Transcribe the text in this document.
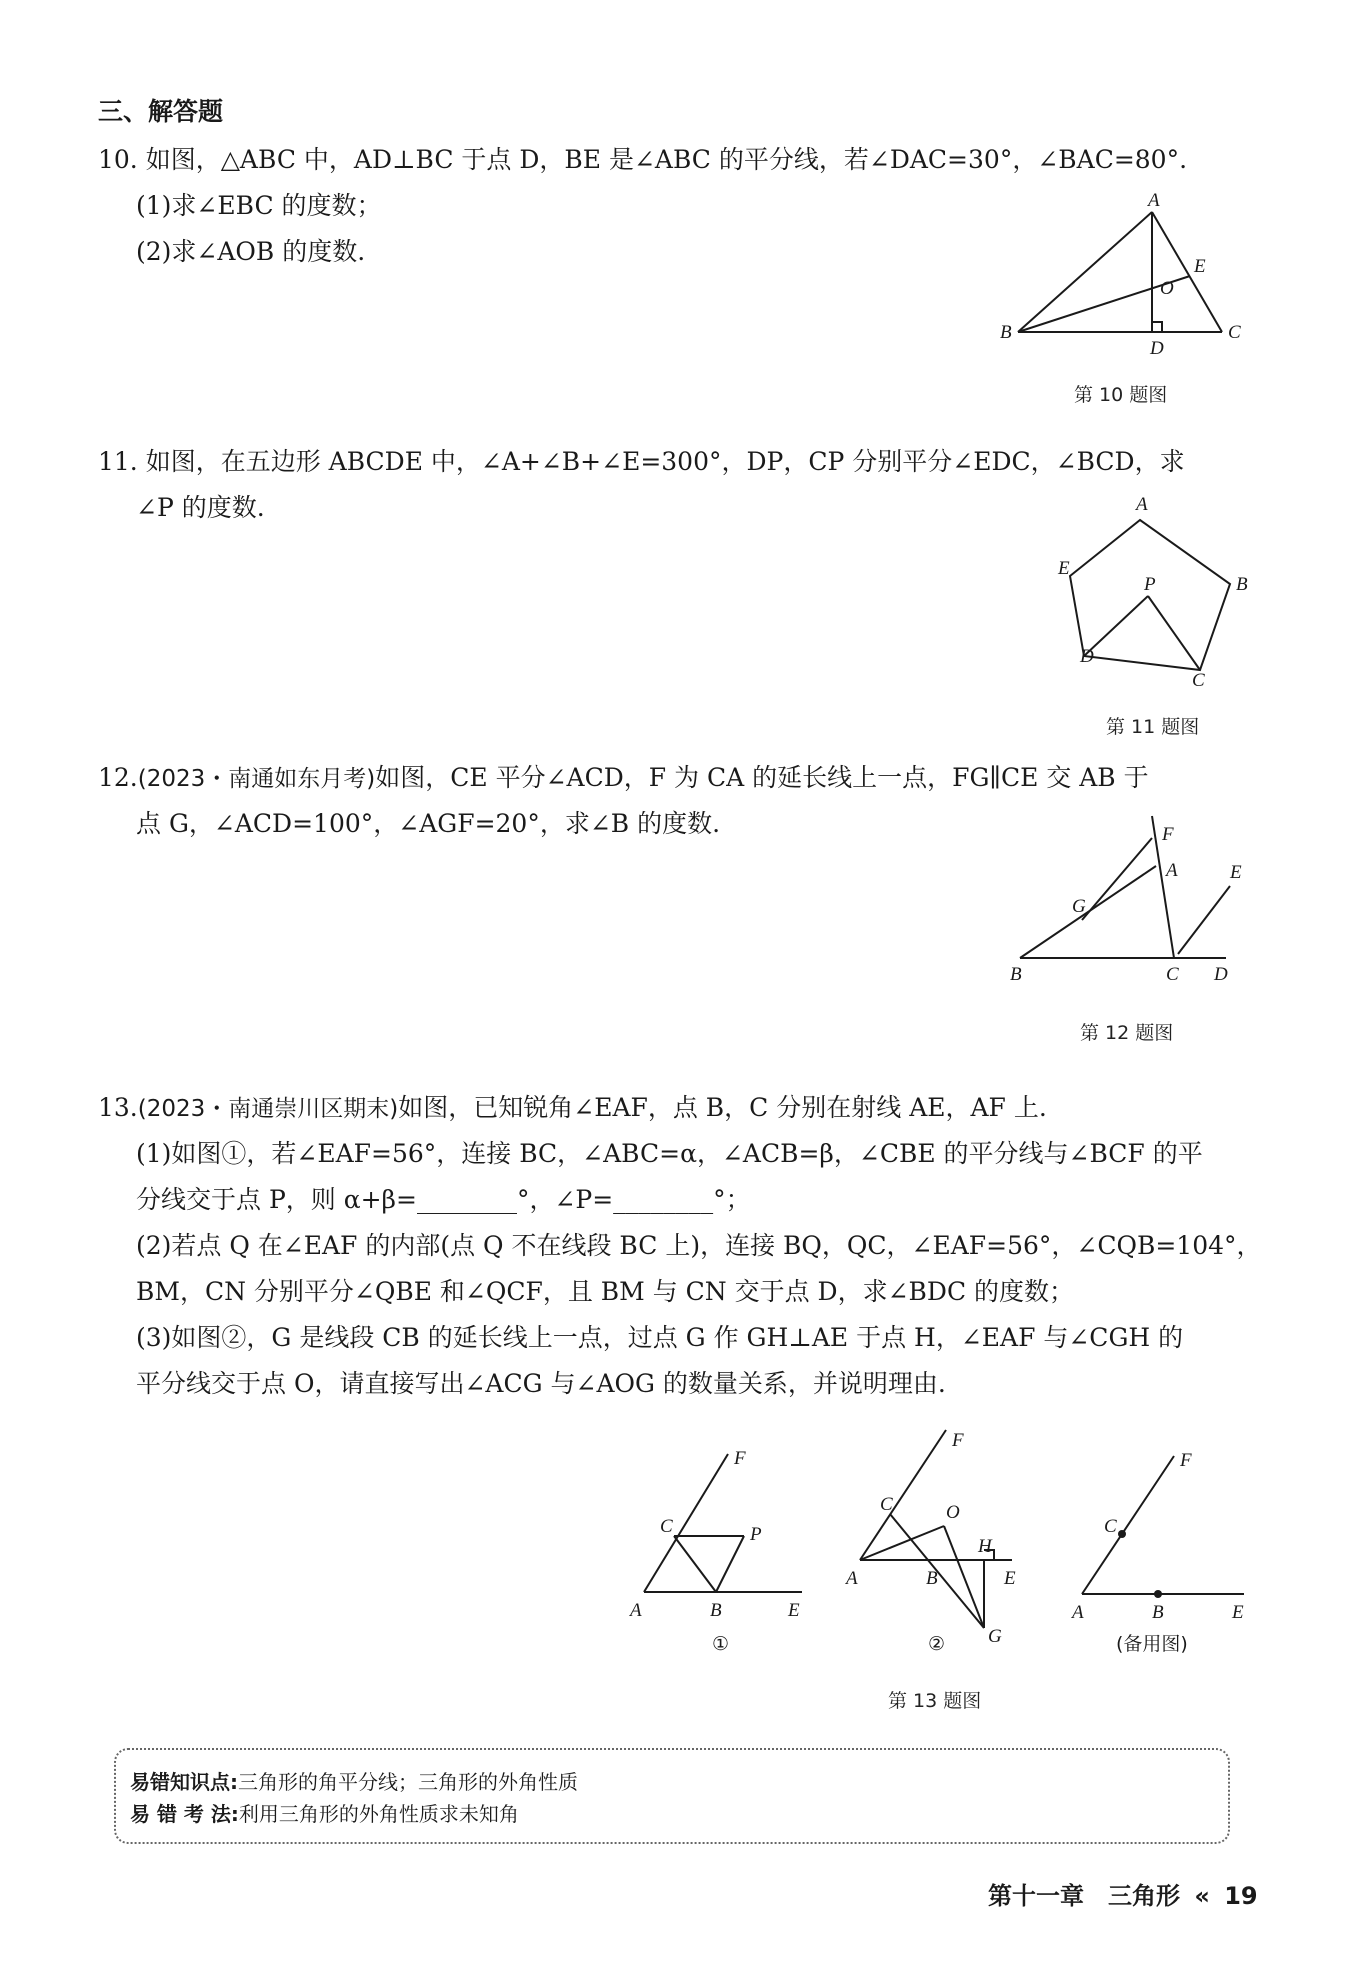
三、解答题
10. 如图，△ABC 中，AD⊥BC 于点 D，BE 是∠ABC 的平分线，若∠DAC=30°，∠BAC=80°.
(1)求∠EBC 的度数；
(2)求∠AOB 的度数.
A
B	C
D
E
O
第 10 题图
11. 如图，在五边形 ABCDE 中，∠A+∠B+∠E=300°，DP，CP 分别平分∠EDC，∠BCD，求
∠P 的度数.	A
B
C
D
E
P
第 11 题图
12.(2023・南通如东月考)如图，CE 平分∠ACD，F 为 CA 的延长线上一点，FG∥CE 交 AB 于
点 G，∠ACD=100°，∠AGF=20°，求∠B 的度数.	F
A	E
G
B	C D
第 12 题图
13.(2023・南通崇川区期末)如图，已知锐角∠EAF，点 B，C 分别在射线 AE，AF 上.
(1)如图①，若∠EAF=56°，连接 BC，∠ABC=α，∠ACB=β，∠CBE 的平分线与∠BCF 的平
分线交于点 P，则 α+β=________°，∠P=________°；
(2)若点 Q 在∠EAF 的内部(点 Q 不在线段 BC 上)，连接 BQ，QC，∠EAF=56°，∠CQB=104°，
BM，CN 分别平分∠QBE 和∠QCF，且 BM 与 CN 交于点 D，求∠BDC 的度数；
(3)如图②，G 是线段 CB 的延长线上一点，过点 G 作 GH⊥AE 于点 H，∠EAF 与∠CGH 的
平分线交于点 O，请直接写出∠ACG 与∠AOG 的数量关系，并说明理由.
F
C	P
A	B	E
①
F
C	O
H
A	B	E
G
②
F
C
A	B	E
(备用图)
第 13 题图
易错知识点:三角形的角平分线；三角形的外角性质
易 错 考 法:利用三角形的外角性质求未知角
第十一章　三角形 « 19
